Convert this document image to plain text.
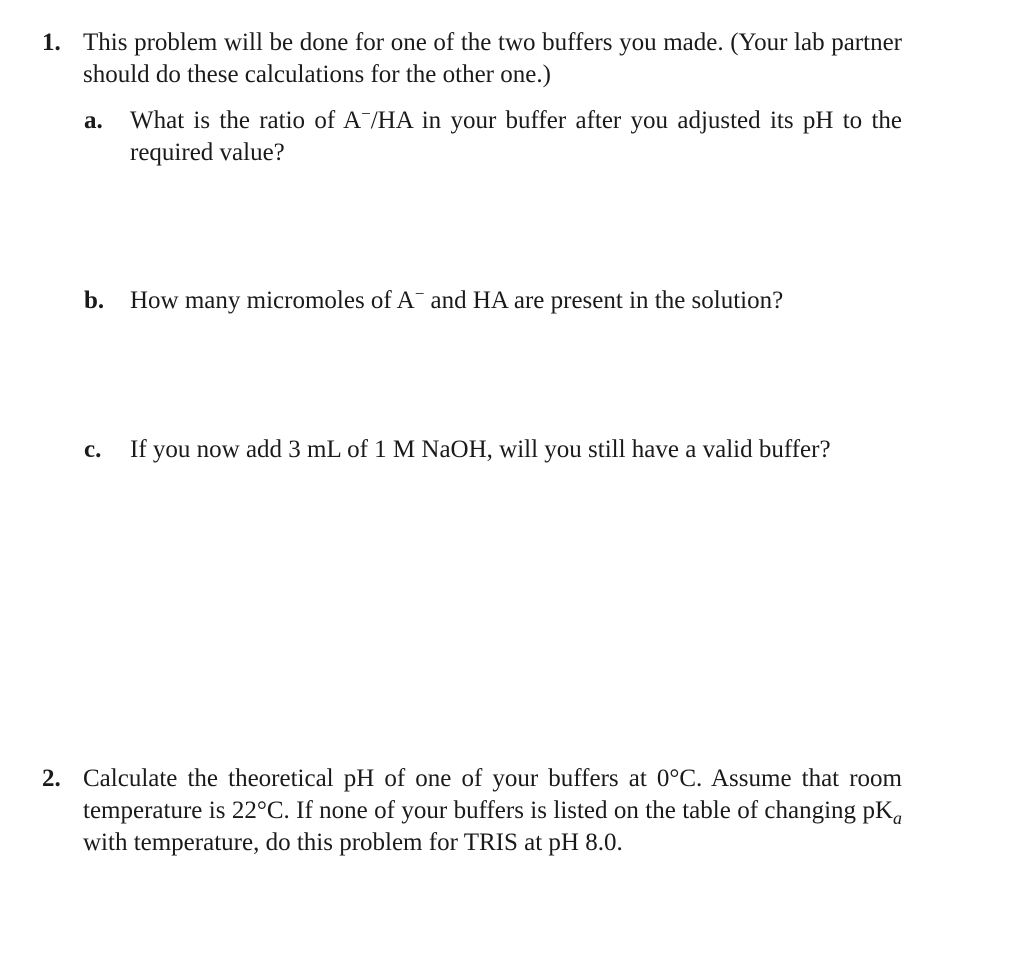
1. This problem will be done for one of the two buffers you made. (Your lab partner should do these calculations for the other one.)
a. What is the ratio of A−/HA in your buffer after you adjusted its pH to the required value?
b. How many micromoles of A− and HA are present in the solution?
c. If you now add 3 mL of 1 M NaOH, will you still have a valid buffer?
2. Calculate the theoretical pH of one of your buffers at 0°C. Assume that room temperature is 22°C. If none of your buffers is listed on the table of changing $pK_a$ with temperature, do this problem for TRIS at pH 8.0.
